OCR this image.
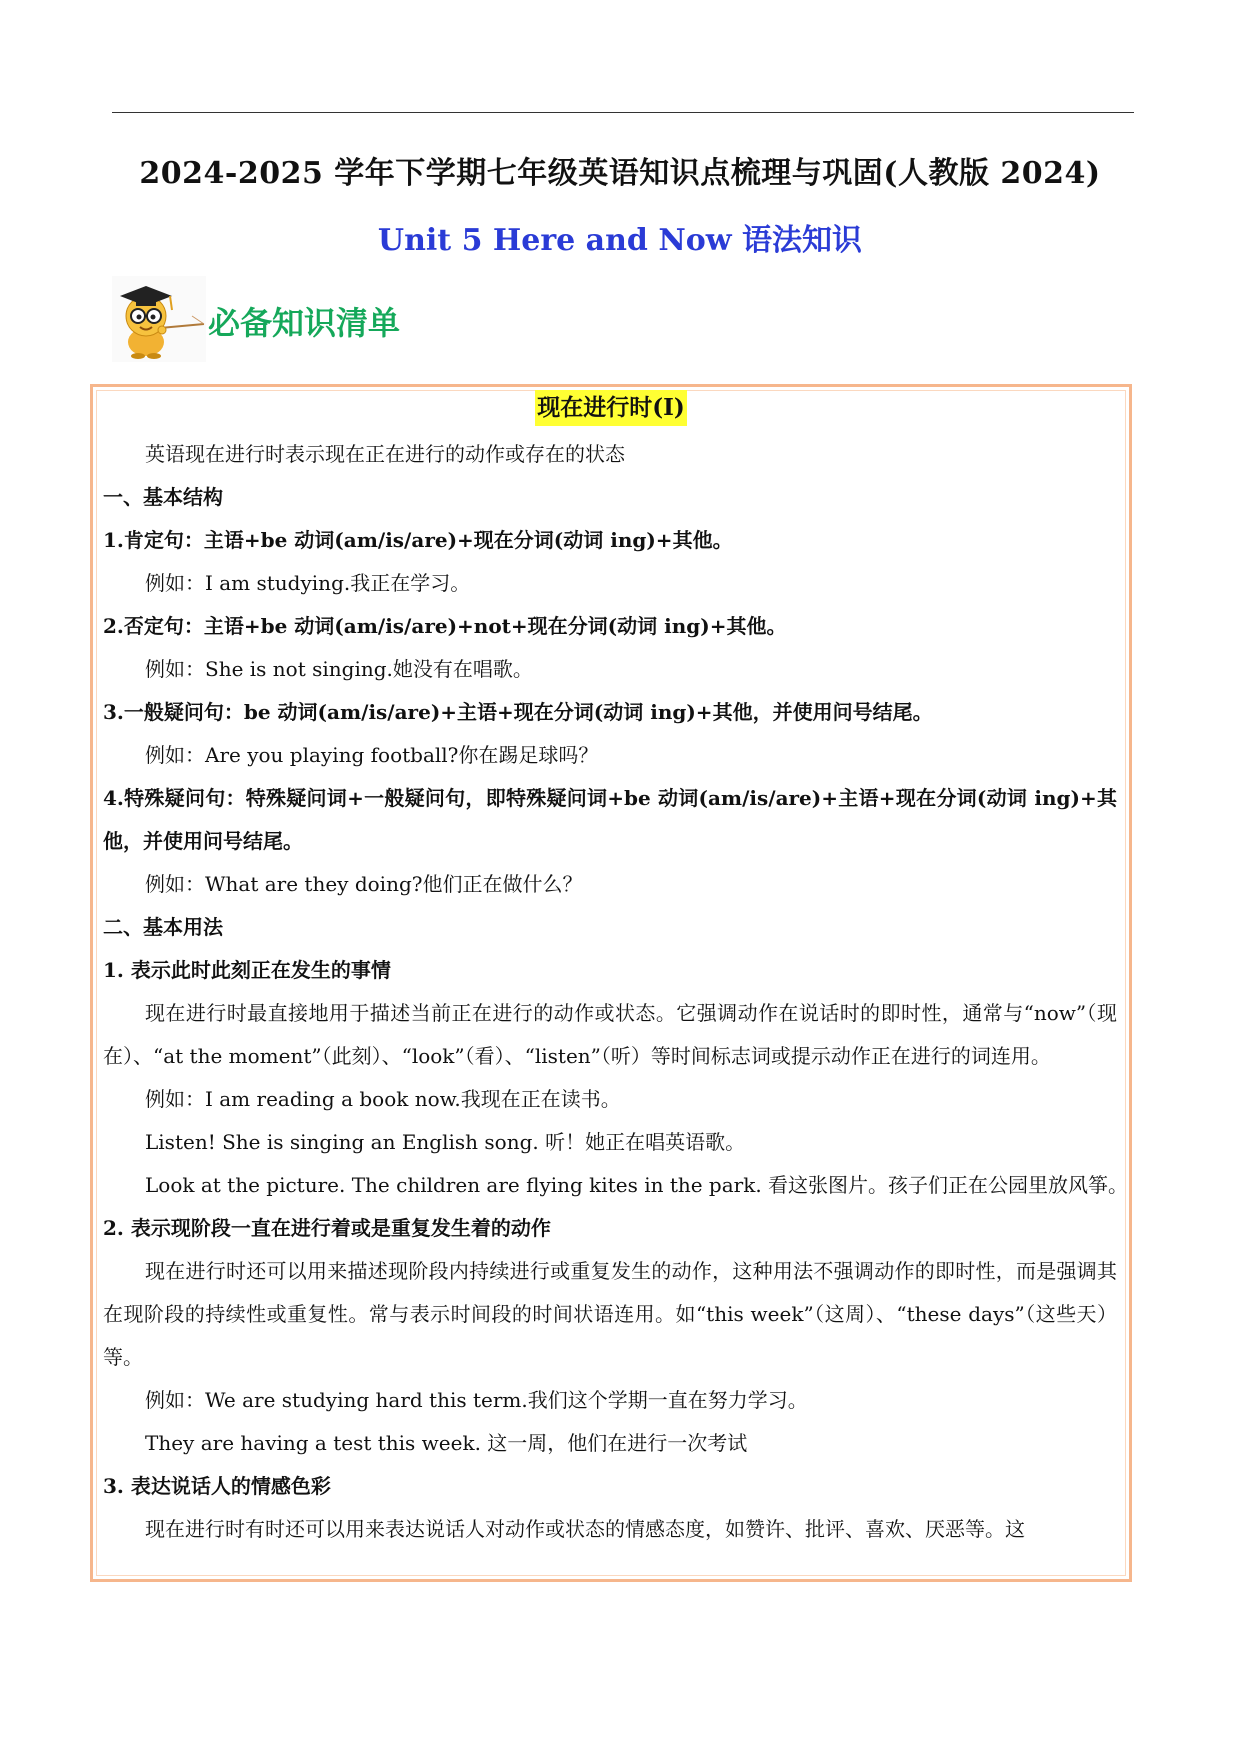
2024-2025 学年下学期七年级英语知识点梳理与巩固(人教版 2024)
Unit 5 Here and Now 语法知识
必备知识清单
现在进行时(I)

英语现在进行时表示现在正在进行的动作或存在的状态

一、基本结构

1.肯定句：主语+be 动词(am/is/are)+现在分词(动词 ing)+其他。

例如：I am studying.我正在学习。

2.否定句：主语+be 动词(am/is/are)+not+现在分词(动词 ing)+其他。

例如：She is not singing.她没有在唱歌。

3.一般疑问句：be 动词(am/is/are)+主语+现在分词(动词 ing)+其他，并使用问号结尾。

例如：Are you playing football?你在踢足球吗？

4.特殊疑问句：特殊疑问词+一般疑问句，即特殊疑问词+be 动词(am/is/are)+主语+现在分词(动词 ing)+其他，并使用问号结尾。

例如：What are they doing?他们正在做什么？

二、基本用法

1. 表示此时此刻正在发生的事情

现在进行时最直接地用于描述当前正在进行的动作或状态。它强调动作在说话时的即时性，通常与“now”（现在）、“at the moment”（此刻）、“look”（看）、“listen”（听）等时间标志词或提示动作正在进行的词连用。

例如：I am reading a book now.我现在正在读书。

Listen! She is singing an English song. 听！她正在唱英语歌。

Look at the picture. The children are flying kites in the park. 看这张图片。孩子们正在公园里放风筝。

2. 表示现阶段一直在进行着或是重复发生着的动作

现在进行时还可以用来描述现阶段内持续进行或重复发生的动作，这种用法不强调动作的即时性，而是强调其在现阶段的持续性或重复性。常与表示时间段的时间状语连用。如“this week”（这周）、“these days”（这些天）等。

例如：We are studying hard this term.我们这个学期一直在努力学习。

They are having a test this week. 这一周，他们在进行一次考试

3. 表达说话人的情感色彩

现在进行时有时还可以用来表达说话人对动作或状态的情感态度，如赞许、批评、喜欢、厌恶等。这
